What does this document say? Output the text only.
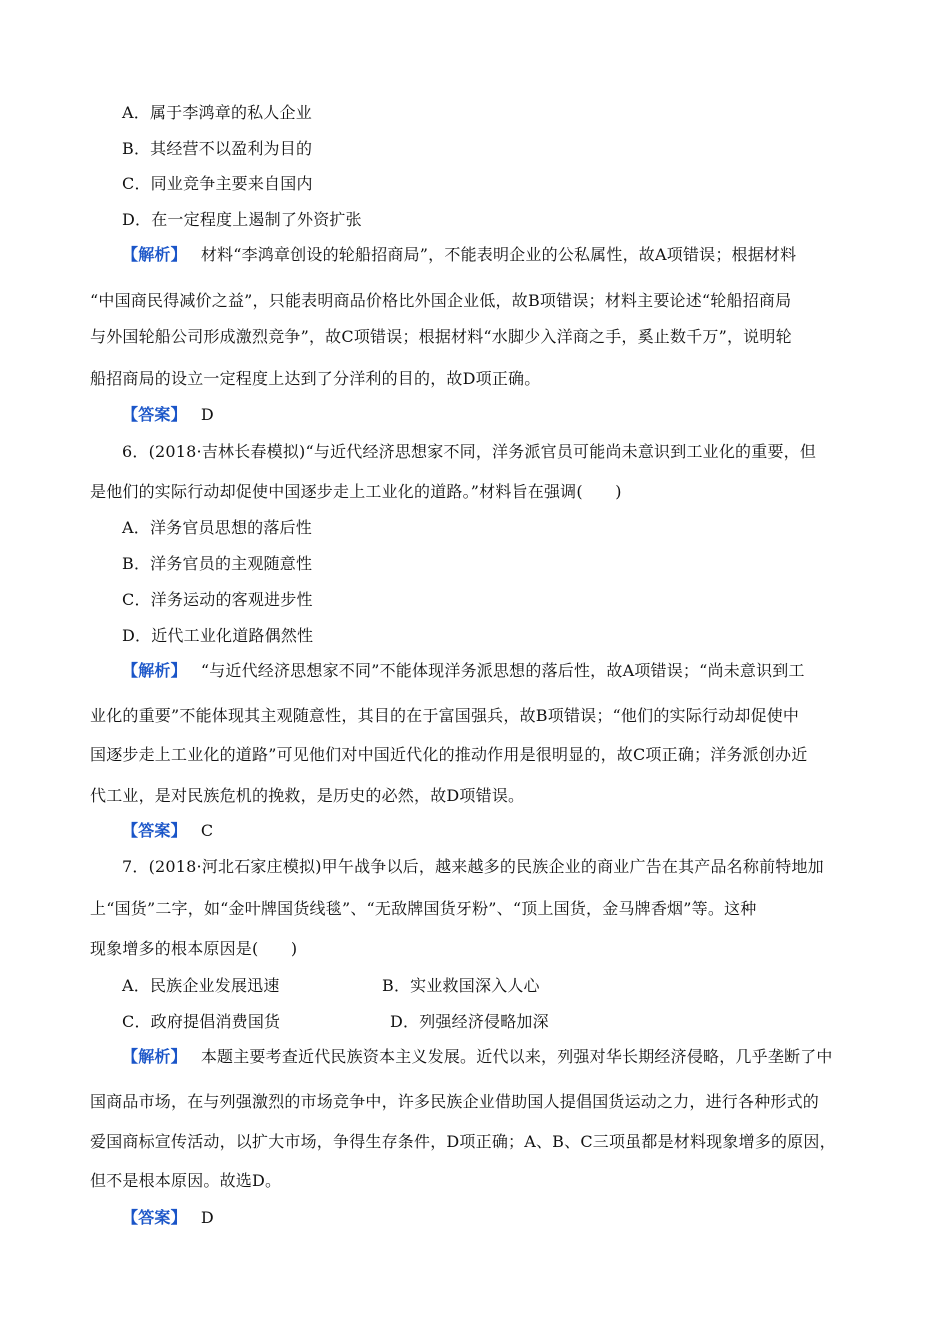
A．属于李鸿章的私人企业
B．其经营不以盈利为目的
C．同业竞争主要来自国内
D．在一定程度上遏制了外资扩张
【解析】 材料“李鸿章创设的轮船招商局”，不能表明企业的公私属性，故A项错误；根据材料
“中国商民得减价之益”，只能表明商品价格比外国企业低，故B项错误；材料主要论述“轮船招商局
与外国轮船公司形成激烈竞争”，故C项错误；根据材料“水脚少入洋商之手，奚止数千万”，说明轮
船招商局的设立一定程度上达到了分洋利的目的，故D项正确。
【答案】 D
6．(2018·吉林长春模拟)“与近代经济思想家不同，洋务派官员可能尚未意识到工业化的重要，但
是他们的实际行动却促使中国逐步走上工业化的道路。”材料旨在强调(　　)
A．洋务官员思想的落后性
B．洋务官员的主观随意性
C．洋务运动的客观进步性
D．近代工业化道路偶然性
【解析】 “与近代经济思想家不同”不能体现洋务派思想的落后性，故A项错误；“尚未意识到工
业化的重要”不能体现其主观随意性，其目的在于富国强兵，故B项错误；“他们的实际行动却促使中
国逐步走上工业化的道路”可见他们对中国近代化的推动作用是很明显的，故C项正确；洋务派创办近
代工业，是对民族危机的挽救，是历史的必然，故D项错误。
【答案】 C
7．(2018·河北石家庄模拟)甲午战争以后，越来越多的民族企业的商业广告在其产品名称前特地加
上“国货”二字，如“金叶牌国货线毯”、“无敌牌国货牙粉”、“顶上国货，金马牌香烟”等。这种
现象增多的根本原因是(　　)
A．民族企业发展迅速	B．实业救国深入人心
C．政府提倡消费国货	D．列强经济侵略加深
【解析】 本题主要考查近代民族资本主义发展。近代以来，列强对华长期经济侵略，几乎垄断了中
国商品市场，在与列强激烈的市场竞争中，许多民族企业借助国人提倡国货运动之力，进行各种形式的
爱国商标宣传活动，以扩大市场，争得生存条件，D项正确；A、B、C三项虽都是材料现象增多的原因，
但不是根本原因。故选D。
【答案】 D
